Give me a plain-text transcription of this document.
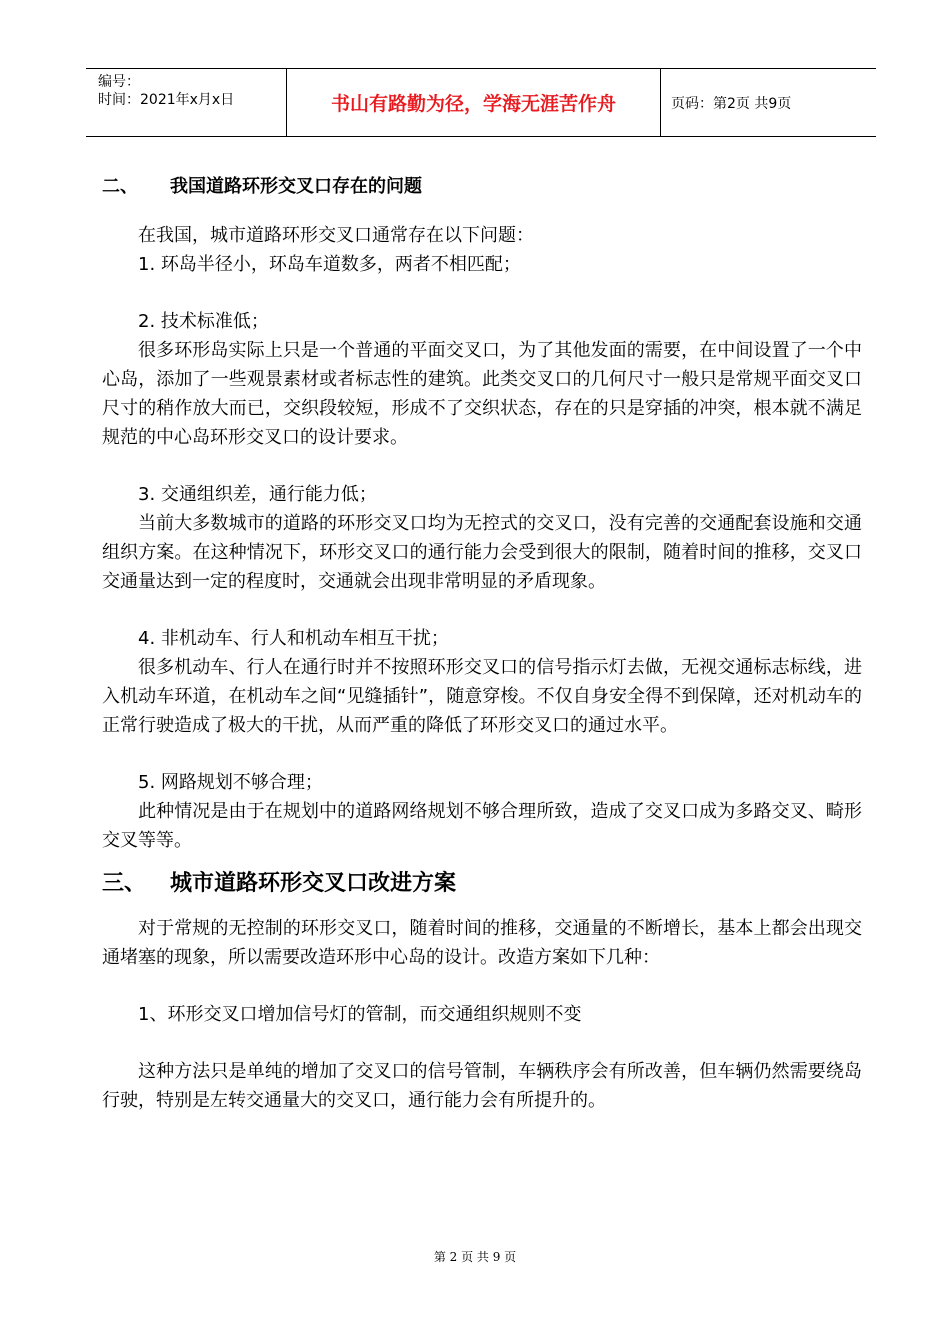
编号：
时间：2021年x月x日	书山有路勤为径，学海无涯苦作舟	页码：第2页 共9页
二、	我国道路环形交叉口存在的问题

在我国，城市道路环形交叉口通常存在以下问题：

1. 环岛半径小，环岛车道数多，两者不相匹配；

2. 技术标准低；

很多环形岛实际上只是一个普通的平面交叉口，为了其他发面的需要，在中间设置了一个中心岛，添加了一些观景素材或者标志性的建筑。此类交叉口的几何尺寸一般只是常规平面交叉口尺寸的稍作放大而已，交织段较短，形成不了交织状态，存在的只是穿插的冲突，根本就不满足规范的中心岛环形交叉口的设计要求。

3. 交通组织差，通行能力低；

当前大多数城市的道路的环形交叉口均为无控式的交叉口，没有完善的交通配套设施和交通组织方案。在这种情况下，环形交叉口的通行能力会受到很大的限制，随着时间的推移，交叉口交通量达到一定的程度时，交通就会出现非常明显的矛盾现象。

4. 非机动车、行人和机动车相互干扰；

很多机动车、行人在通行时并不按照环形交叉口的信号指示灯去做，无视交通标志标线，进入机动车环道，在机动车之间“见缝插针”，随意穿梭。不仅自身安全得不到保障，还对机动车的正常行驶造成了极大的干扰，从而严重的降低了环形交叉口的通过水平。

5. 网路规划不够合理；

此种情况是由于在规划中的道路网络规划不够合理所致，造成了交叉口成为多路交叉、畸形交叉等等。

三、	城市道路环形交叉口改进方案

对于常规的无控制的环形交叉口，随着时间的推移，交通量的不断增长，基本上都会出现交通堵塞的现象，所以需要改造环形中心岛的设计。改造方案如下几种：

1、环形交叉口增加信号灯的管制，而交通组织规则不变

这种方法只是单纯的增加了交叉口的信号管制，车辆秩序会有所改善，但车辆仍然需要绕岛行驶，特别是左转交通量大的交叉口，通行能力会有所提升的。

第 2 页 共 9 页
